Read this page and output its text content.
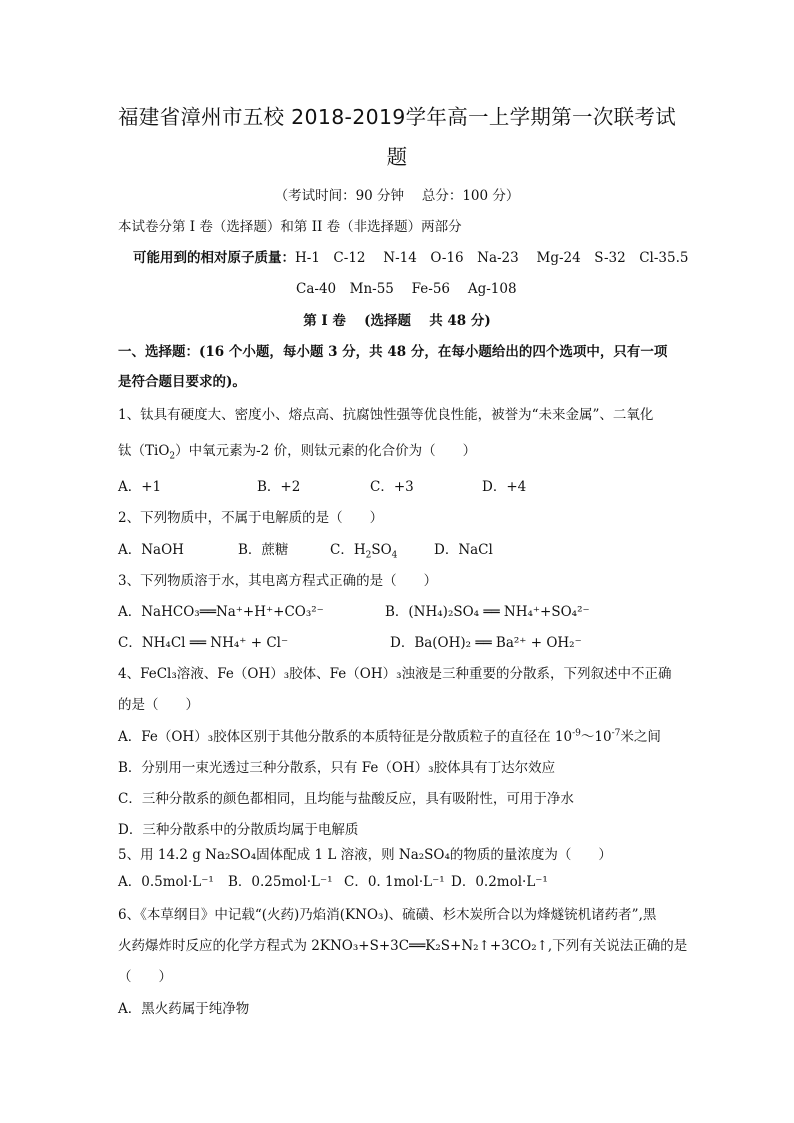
福建省漳州市五校 2018-2019学年高一上学期第一次联考试
题
（考试时间：90 分钟　 总分：100 分）
本试卷分第 I 卷（选择题）和第 II 卷（非选择题）两部分
可能用到的相对原子质量：H-1　C-12　 N-14　O-16　Na-23　 Mg-24　S-32　Cl-35.5
Ca-40　Mn-55　 Fe-56　 Ag-108
第 I 卷　 (选择题　 共 48 分)
一、选择题：(16 个小题，每小题 3 分，共 48 分，在每小题给出的四个选项中，只有一项
是符合题目要求的)。
1、钛具有硬度大、密度小、熔点高、抗腐蚀性强等优良性能，被誉为“未来金属”、二氧化
钛（TiO$_2$）中氧元素为-2 价，则钛元素的化合价为（　　）
A．+1	B．+2	C．+3	D．+4
2、下列物质中，不属于电解质的是（　　）
A．NaOH	B．蔗糖	C．$H_2SO_4$	D．NaCl
3、下列物质溶于水，其电离方程式正确的是（　　）
A．NaHCO₃══Na⁺+H⁺+CO₃²⁻	B．(NH₄)₂SO₄ ══ NH₄⁺+SO₄²⁻
C．NH₄Cl ══ NH₄⁺ + Cl⁻	D．Ba(OH)₂ ══ Ba²⁺ + OH₂⁻
4、FeCl₃溶液、Fe（OH）₃胶体、Fe（OH）₃浊液是三种重要的分散系，下列叙述中不正确
的是（　　）
A．Fe（OH）₃胶体区别于其他分散系的本质特征是分散质粒子的直径在 $10^{-9}\sim 10^{-7}$米之间
B．分别用一束光透过三种分散系，只有 Fe（OH）₃胶体具有丁达尔效应
C．三种分散系的颜色都相同，且均能与盐酸反应，具有吸附性，可用于净水
D．三种分散系中的分散质均属于电解质
5、用 14.2 g Na₂SO₄固体配成 1 L 溶液，则 Na₂SO₄的物质的量浓度为（　　）
A．0.5mol·L⁻¹ B．0.25mol·L⁻¹ C．0. 1mol·L⁻¹ D．0.2mol·L⁻¹
6、《本草纲目》中记载“(火药)乃焰消(KNO₃)、硫磺、杉木炭所合以为烽燧铳机诸药者”,黑
火药爆炸时反应的化学方程式为 2KNO₃+S+3C══K₂S+N₂↑+3CO₂↑,下列有关说法正确的是
（　　）
A．黑火药属于纯净物
